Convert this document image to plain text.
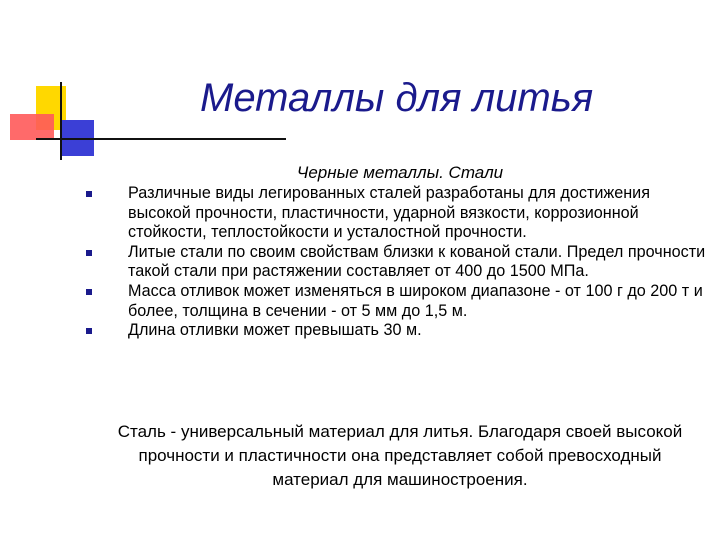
Металлы для литья
Черные металлы. Стали
Различные виды легированных сталей разработаны для достижения высокой прочности, пластичности, ударной вязкости, коррозионной стойкости, теплостойкости и усталостной прочности.
Литые стали по своим свойствам близки к кованой стали. Предел прочности такой стали при растяжении составляет от 400 до 1500 МПа.
Масса отливок может изменяться в широком диапазоне - от 100 г до 200 т и более, толщина в сечении - от 5 мм до 1,5 м.
Длина отливки может превышать 30 м.
Сталь - универсальный материал для литья. Благодаря своей высокой прочности и пластичности она представляет собой превосходный материал для машиностроения.
